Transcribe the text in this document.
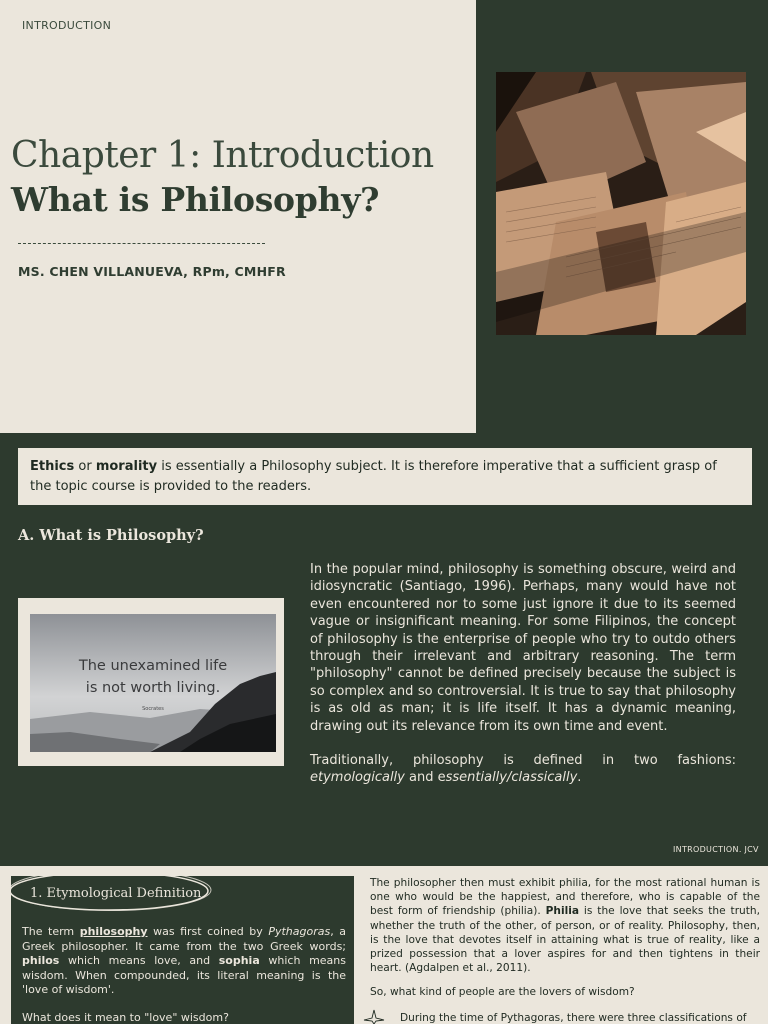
INTRODUCTION
Chapter 1: Introduction
What is Philosophy?
MS. CHEN VILLANUEVA, RPm, CMHFR
Ethics or morality is essentially a Philosophy subject. It is therefore imperative that a sufficient grasp of the topic course is provided to the readers.
A. What is Philosophy?
The unexamined life
is not worth living.
Socrates

In the popular mind, philosophy is something obscure, weird and idiosyncratic (Santiago, 1996). Perhaps, many would have not even encountered nor to some just ignore it due to its seemed vague or insignificant meaning. For some Filipinos, the concept of philosophy is the enterprise of people who try to outdo others through their irrelevant and arbitrary reasoning. The term "philosophy" cannot be defined precisely because the subject is so complex and so controversial. It is true to say that philosophy is as old as man; it is life itself. It has a dynamic meaning, drawing out its relevance from its own time and event.

Traditionally, philosophy is defined in two fashions: etymologically and essentially/classically.

INTRODUCTION. JCV
1. Etymological Definition
The term philosophy was first coined by Pythagoras, a Greek philosopher. It came from the two Greek words; philos which means love, and sophia which means wisdom. When compounded, its literal meaning is the 'love of wisdom'.
What does it mean to "love" wisdom?

The philosopher then must exhibit philia, for the most rational human is one who would be the happiest, and therefore, who is capable of the best form of friendship (philia). Philia is the love that seeks the truth, whether the truth of the other, of person, or of reality. Philosophy, then, is the love that devotes itself in attaining what is true of reality, like a prized possession that a lover aspires for and then tightens in their heart. (Agdalpen et al., 2011).

So, what kind of people are the lovers of wisdom?

During the time of Pythagoras, there were three classifications of
